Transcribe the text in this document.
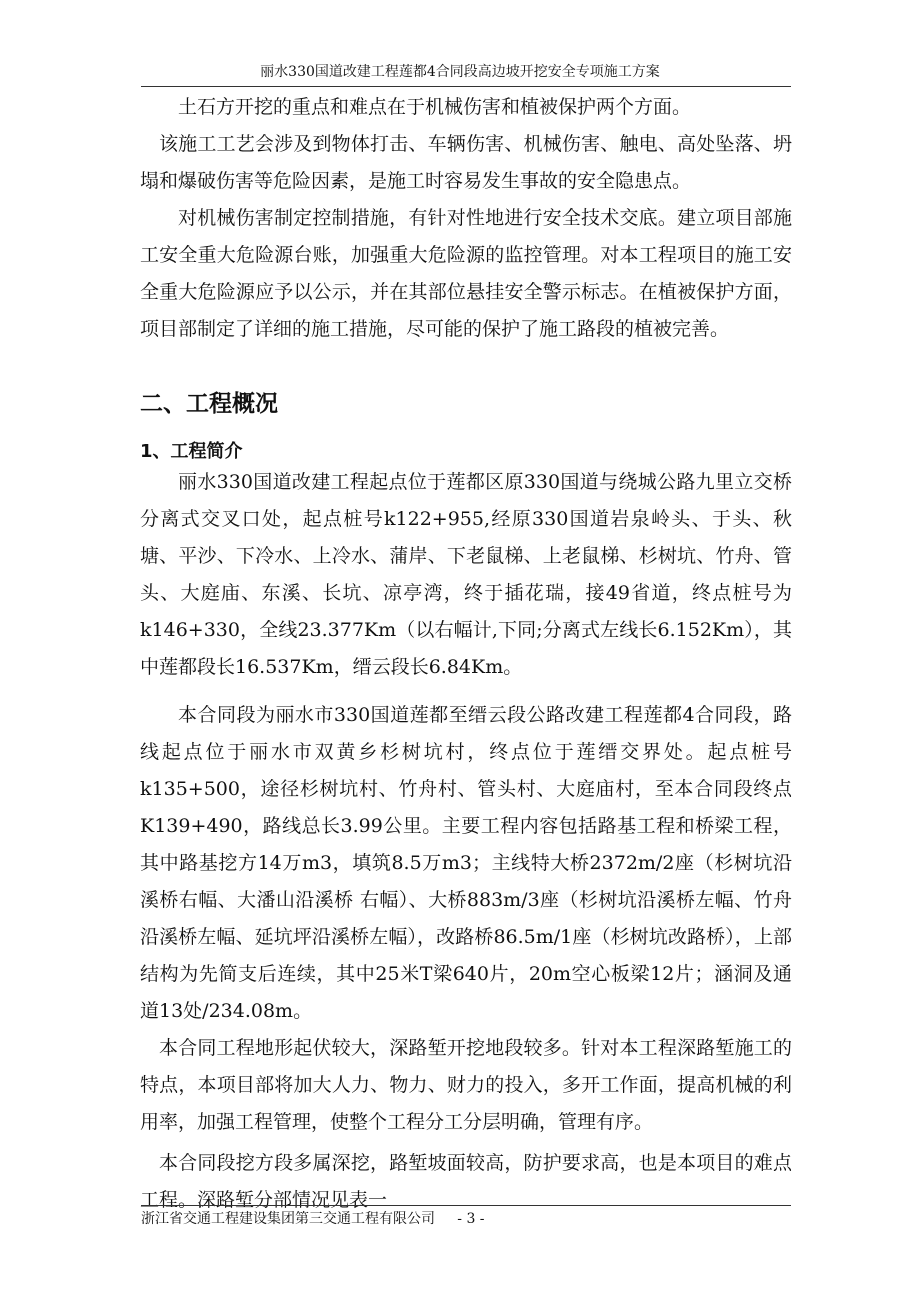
丽水330国道改建工程莲都4合同段高边坡开挖安全专项施工方案

土石方开挖的重点和难点在于机械伤害和植被保护两个方面。

该施工工艺会涉及到物体打击、车辆伤害、机械伤害、触电、高处坠落、坍塌和爆破伤害等危险因素，是施工时容易发生事故的安全隐患点。

对机械伤害制定控制措施，有针对性地进行安全技术交底。建立项目部施工安全重大危险源台账，加强重大危险源的监控管理。对本工程项目的施工安全重大危险源应予以公示，并在其部位悬挂安全警示标志。在植被保护方面，项目部制定了详细的施工措施，尽可能的保护了施工路段的植被完善。

二、工程概况
1、工程简介

丽水330国道改建工程起点位于莲都区原330国道与绕城公路九里立交桥分离式交叉口处，起点桩号k122+955,经原330国道岩泉岭头、于头、秋塘、平沙、下冷水、上冷水、蒲岸、下老鼠梯、上老鼠梯、杉树坑、竹舟、管头、大庭庙、东溪、长坑、凉亭湾，终于插花瑞，接49省道，终点桩号为k146+330，全线23.377Km（以右幅计,下同;分离式左线长6.152Km），其中莲都段长16.537Km，缙云段长6.84Km。

本合同段为丽水市330国道莲都至缙云段公路改建工程莲都4合同段，路线起点位于丽水市双黄乡杉树坑村，终点位于莲缙交界处。起点桩号k135+500，途径杉树坑村、竹舟村、管头村、大庭庙村，至本合同段终点K139+490，路线总长3.99公里。主要工程内容包括路基工程和桥梁工程，其中路基挖方14万m3，填筑8.5万m3；主线特大桥2372m/2座（杉树坑沿溪桥右幅、大潘山沿溪桥 右幅）、大桥883m/3座（杉树坑沿溪桥左幅、竹舟沿溪桥左幅、延坑坪沿溪桥左幅），改路桥86.5m/1座（杉树坑改路桥），上部结构为先简支后连续，其中25米T梁640片，20m空心板梁12片；涵洞及通道13处/234.08m。

本合同工程地形起伏较大，深路堑开挖地段较多。针对本工程深路堑施工的特点，本项目部将加大人力、物力、财力的投入，多开工作面，提高机械的利用率，加强工程管理，使整个工程分工分层明确，管理有序。

本合同段挖方段多属深挖，路堑坡面较高，防护要求高，也是本项目的难点工程。深路堑分部情况见表一

浙江省交通工程建设集团第三交通工程有限公司 - 3 -
